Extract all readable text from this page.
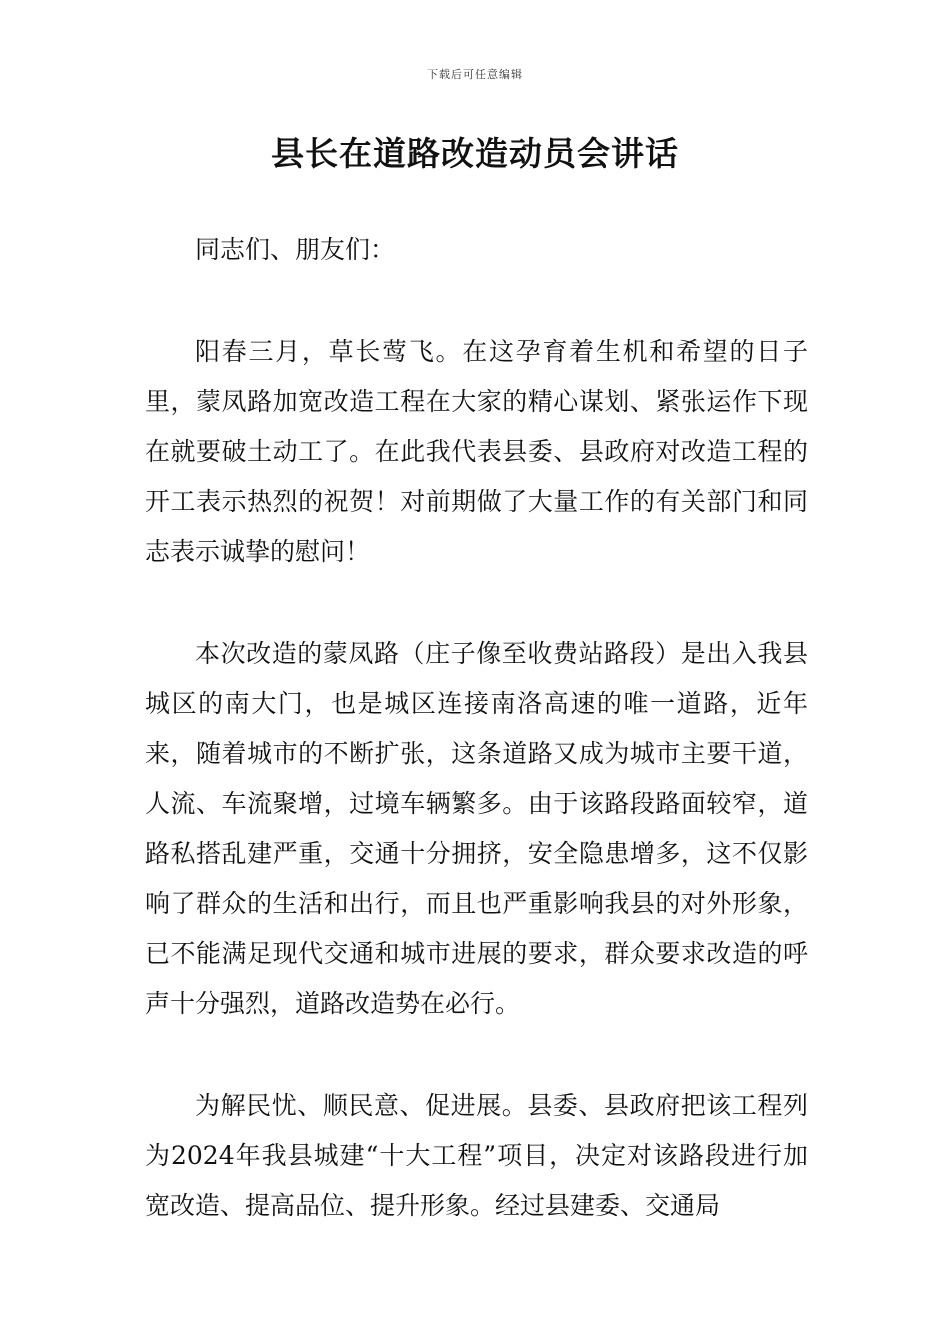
下载后可任意编辑
县长在道路改造动员会讲话

同志们、朋友们：

阳春三月，草长莺飞。在这孕育着生机和希望的日子里，蒙凤路加宽改造工程在大家的精心谋划、紧张运作下现在就要破土动工了。在此我代表县委、县政府对改造工程的开工表示热烈的祝贺！对前期做了大量工作的有关部门和同志表示诚挚的慰问！

本次改造的蒙凤路（庄子像至收费站路段）是出入我县城区的南大门，也是城区连接南洛高速的唯一道路，近年来，随着城市的不断扩张，这条道路又成为城市主要干道，人流、车流聚增，过境车辆繁多。由于该路段路面较窄，道路私搭乱建严重，交通十分拥挤，安全隐患增多，这不仅影响了群众的生活和出行，而且也严重影响我县的对外形象，已不能满足现代交通和城市进展的要求，群众要求改造的呼声十分强烈，道路改造势在必行。

为解民忧、顺民意、促进展。县委、县政府把该工程列为2024年我县城建“十大工程”项目，决定对该路段进行加宽改造、提高品位、提升形象。经过县建委、交通局
